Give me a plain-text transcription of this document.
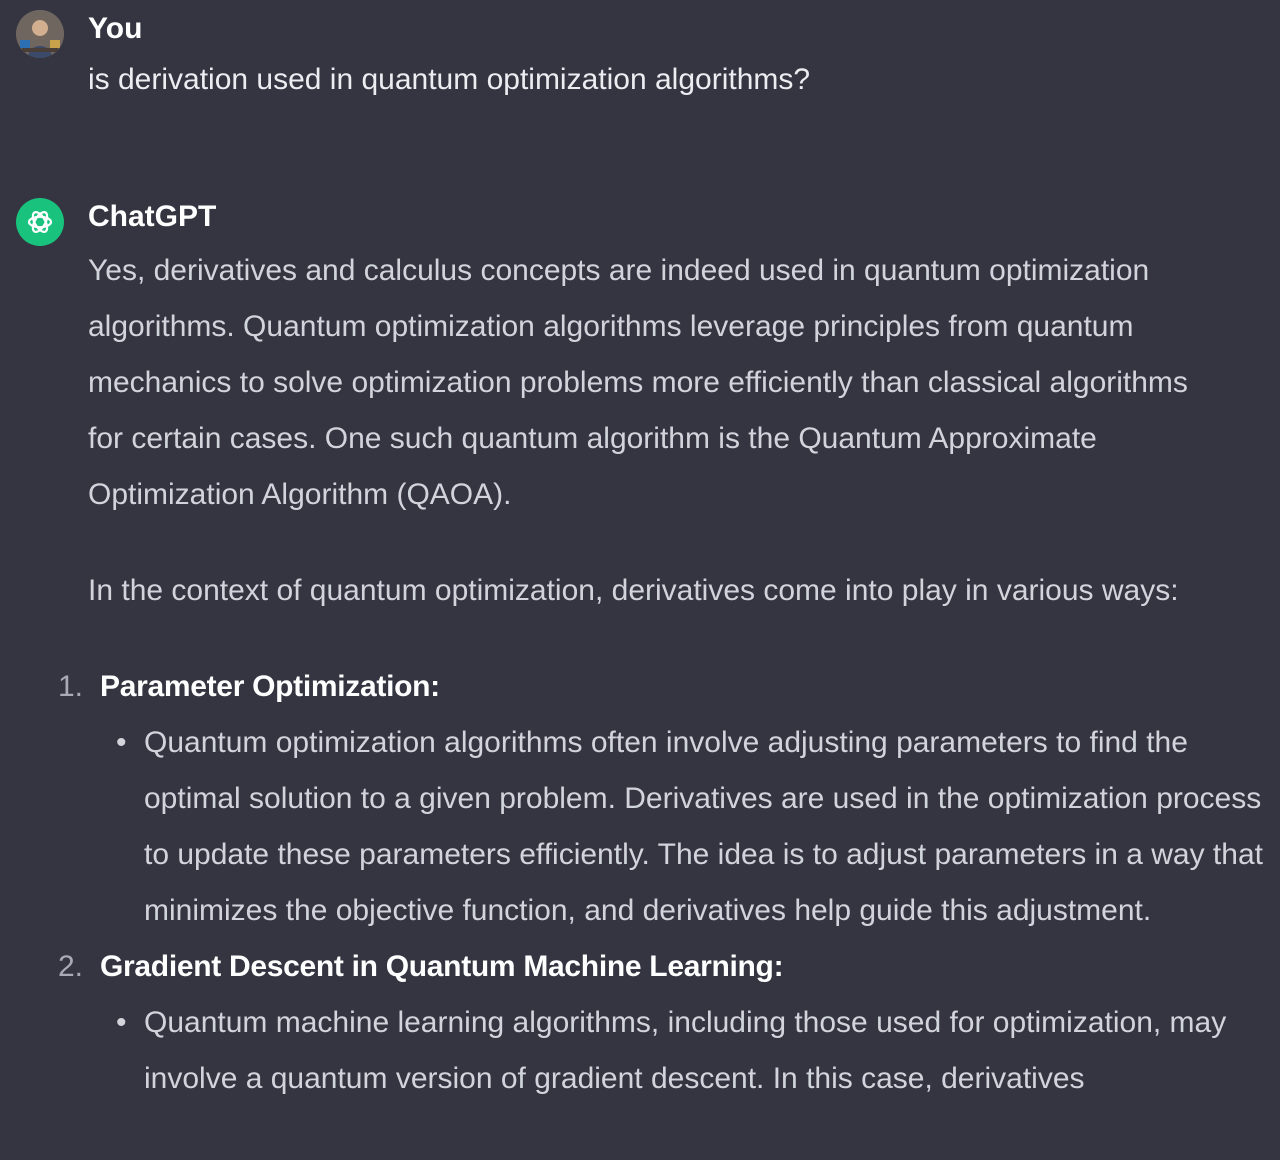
You
is derivation used in quantum optimization algorithms?
ChatGPT

Yes, derivatives and calculus concepts are indeed used in quantum optimization algorithms. Quantum optimization algorithms leverage principles from quantum mechanics to solve optimization problems more efficiently than classical algorithms for certain cases. One such quantum algorithm is the Quantum Approximate Optimization Algorithm (QAOA).

In the context of quantum optimization, derivatives come into play in various ways:

1. Parameter Optimization:
• Quantum optimization algorithms often involve adjusting parameters to find the optimal solution to a given problem. Derivatives are used in the optimization process to update these parameters efficiently. The idea is to adjust parameters in a way that minimizes the objective function, and derivatives help guide this adjustment.
2. Gradient Descent in Quantum Machine Learning:
• Quantum machine learning algorithms, including those used for optimization, may involve a quantum version of gradient descent. In this case, derivatives
